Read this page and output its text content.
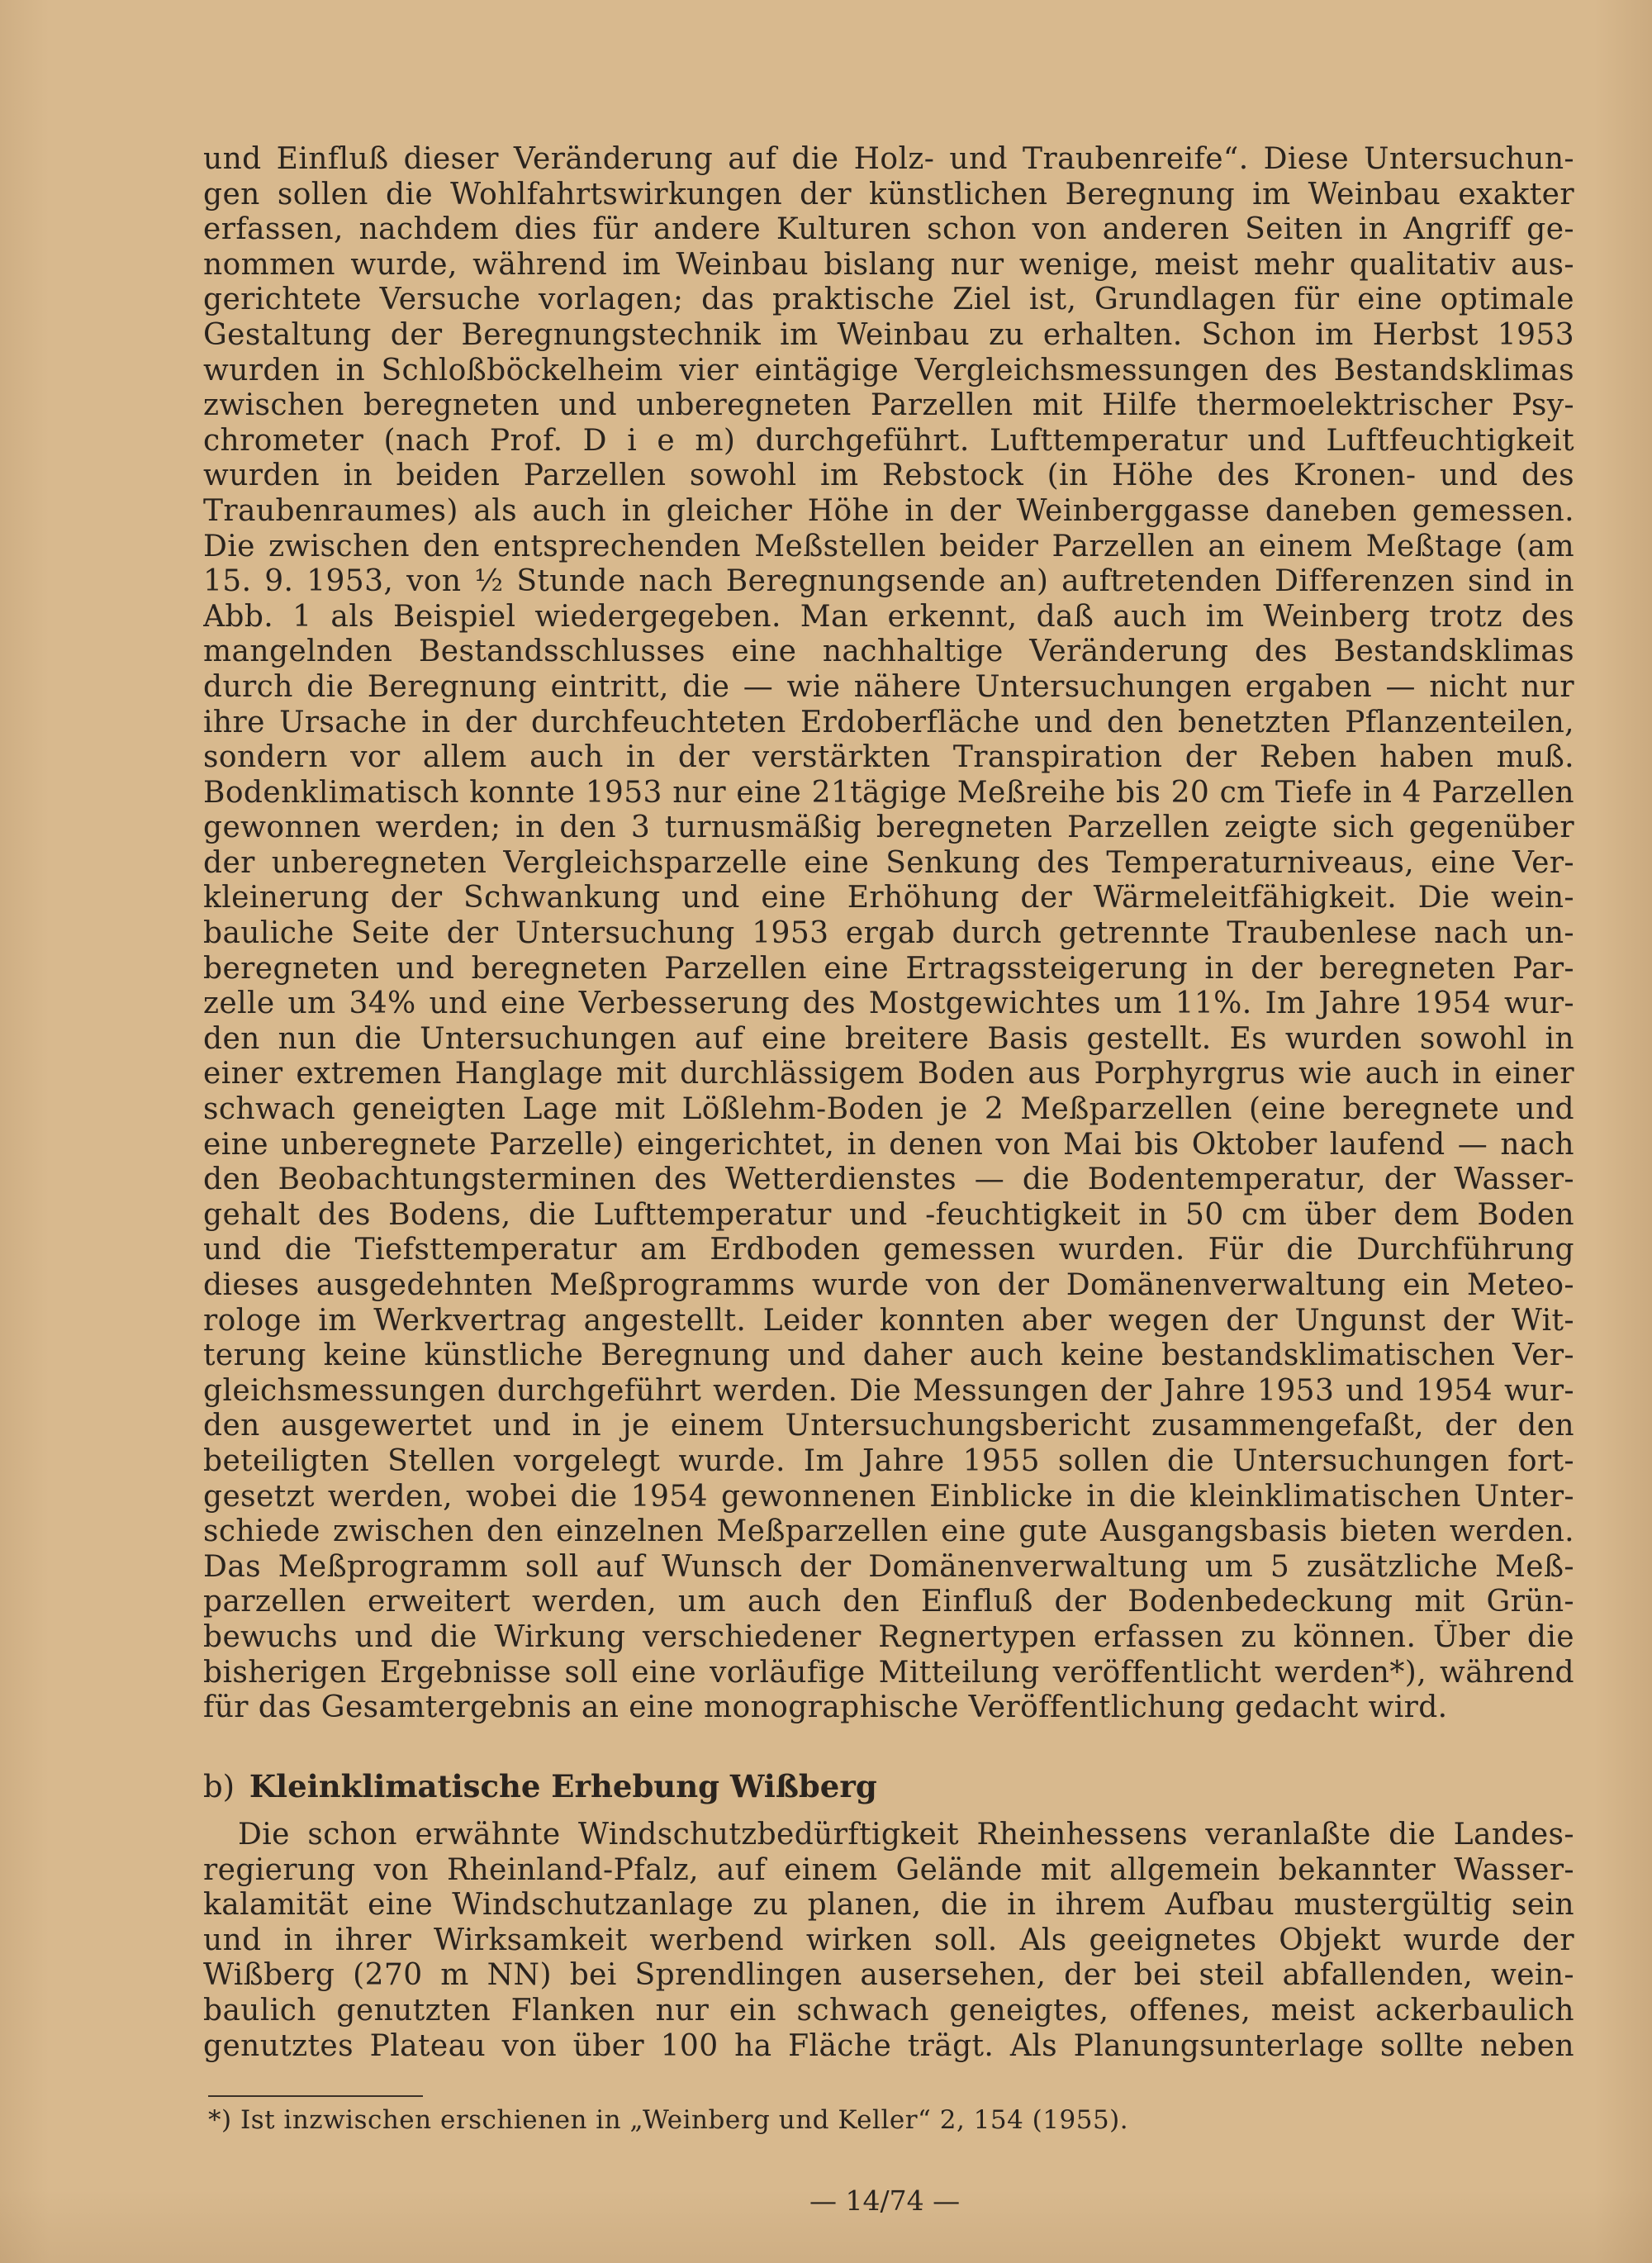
und Einfluß dieser Veränderung auf die Holz- und Traubenreife“. Diese Untersuchun-
gen sollen die Wohlfahrtswirkungen der künstlichen Beregnung im Weinbau exakter
erfassen, nachdem dies für andere Kulturen schon von anderen Seiten in Angriff ge-
nommen wurde, während im Weinbau bislang nur wenige, meist mehr qualitativ aus-
gerichtete Versuche vorlagen; das praktische Ziel ist, Grundlagen für eine optimale
Gestaltung der Beregnungstechnik im Weinbau zu erhalten. Schon im Herbst 1953
wurden in Schloßböckelheim vier eintägige Vergleichsmessungen des Bestandsklimas
zwischen beregneten und unberegneten Parzellen mit Hilfe thermoelektrischer Psy-
chrometer (nach Prof. D i e m) durchgeführt. Lufttemperatur und Luftfeuchtigkeit
wurden in beiden Parzellen sowohl im Rebstock (in Höhe des Kronen- und des
Traubenraumes) als auch in gleicher Höhe in der Weinberggasse daneben gemessen.
Die zwischen den entsprechenden Meßstellen beider Parzellen an einem Meßtage (am
15. 9. 1953, von ½ Stunde nach Beregnungsende an) auftretenden Differenzen sind in
Abb. 1 als Beispiel wiedergegeben. Man erkennt, daß auch im Weinberg trotz des
mangelnden Bestandsschlusses eine nachhaltige Veränderung des Bestandsklimas
durch die Beregnung eintritt, die — wie nähere Untersuchungen ergaben — nicht nur
ihre Ursache in der durchfeuchteten Erdoberfläche und den benetzten Pflanzenteilen,
sondern vor allem auch in der verstärkten Transpiration der Reben haben muß.
Bodenklimatisch konnte 1953 nur eine 21tägige Meßreihe bis 20 cm Tiefe in 4 Parzellen
gewonnen werden; in den 3 turnusmäßig beregneten Parzellen zeigte sich gegenüber
der unberegneten Vergleichsparzelle eine Senkung des Temperaturniveaus, eine Ver-
kleinerung der Schwankung und eine Erhöhung der Wärmeleitfähigkeit. Die wein-
bauliche Seite der Untersuchung 1953 ergab durch getrennte Traubenlese nach un-
beregneten und beregneten Parzellen eine Ertragssteigerung in der beregneten Par-
zelle um 34% und eine Verbesserung des Mostgewichtes um 11%. Im Jahre 1954 wur-
den nun die Untersuchungen auf eine breitere Basis gestellt. Es wurden sowohl in
einer extremen Hanglage mit durchlässigem Boden aus Porphyrgrus wie auch in einer
schwach geneigten Lage mit Lößlehm-Boden je 2 Meßparzellen (eine beregnete und
eine unberegnete Parzelle) eingerichtet, in denen von Mai bis Oktober laufend — nach
den Beobachtungsterminen des Wetterdienstes — die Bodentemperatur, der Wasser-
gehalt des Bodens, die Lufttemperatur und -feuchtigkeit in 50 cm über dem Boden
und die Tiefsttemperatur am Erdboden gemessen wurden. Für die Durchführung
dieses ausgedehnten Meßprogramms wurde von der Domänenverwaltung ein Meteo-
rologe im Werkvertrag angestellt. Leider konnten aber wegen der Ungunst der Wit-
terung keine künstliche Beregnung und daher auch keine bestandsklimatischen Ver-
gleichsmessungen durchgeführt werden. Die Messungen der Jahre 1953 und 1954 wur-
den ausgewertet und in je einem Untersuchungsbericht zusammengefaßt, der den
beteiligten Stellen vorgelegt wurde. Im Jahre 1955 sollen die Untersuchungen fort-
gesetzt werden, wobei die 1954 gewonnenen Einblicke in die kleinklimatischen Unter-
schiede zwischen den einzelnen Meßparzellen eine gute Ausgangsbasis bieten werden.
Das Meßprogramm soll auf Wunsch der Domänenverwaltung um 5 zusätzliche Meß-
parzellen erweitert werden, um auch den Einfluß der Bodenbedeckung mit Grün-
bewuchs und die Wirkung verschiedener Regnertypen erfassen zu können. Über die
bisherigen Ergebnisse soll eine vorläufige Mitteilung veröffentlicht werden*), während
für das Gesamtergebnis an eine monographische Veröffentlichung gedacht wird.
b) Kleinklimatische Erhebung Wißberg
Die schon erwähnte Windschutzbedürftigkeit Rheinhessens veranlaßte die Landes-
regierung von Rheinland-Pfalz, auf einem Gelände mit allgemein bekannter Wasser-
kalamität eine Windschutzanlage zu planen, die in ihrem Aufbau mustergültig sein
und in ihrer Wirksamkeit werbend wirken soll. Als geeignetes Objekt wurde der
Wißberg (270 m NN) bei Sprendlingen ausersehen, der bei steil abfallenden, wein-
baulich genutzten Flanken nur ein schwach geneigtes, offenes, meist ackerbaulich
genutztes Plateau von über 100 ha Fläche trägt. Als Planungsunterlage sollte neben
*) Ist inzwischen erschienen in „Weinberg und Keller“ 2, 154 (1955).
— 14/74 —
